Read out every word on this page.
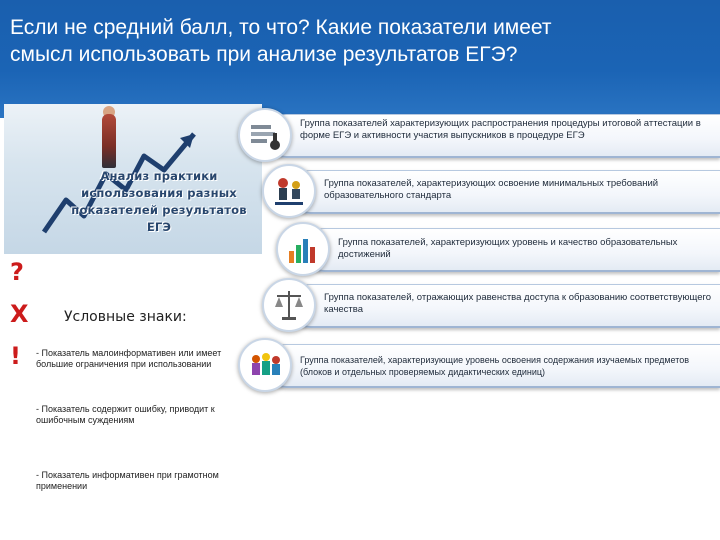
Если не средний балл, то что? Какие показатели имеет смысл использовать при анализе результатов ЕГЭ?
Анализ практики использования разных показателей результатов ЕГЭ
Группа показателей характеризующих распространения процедуры итоговой аттестации в форме ЕГЭ и активности участия выпускников в процедуре ЕГЭ
Группа показателей, характеризующих освоение минимальных требований образовательного стандарта
Группа показателей, характеризующих уровень и качество образовательных достижений
Группа показателей, отражающих равенства доступа к образованию соответствующего качества
Группа показателей, характеризующие уровень освоения содержания изучаемых предметов (блоков и отдельных проверяемых дидактических единиц)
?
X
!
Условные знаки:
- Показатель малоинформативен или имеет большие ограничения при использовании
- Показатель содержит ошибку, приводит к ошибочным суждениям
- Показатель информативен при грамотном применении
